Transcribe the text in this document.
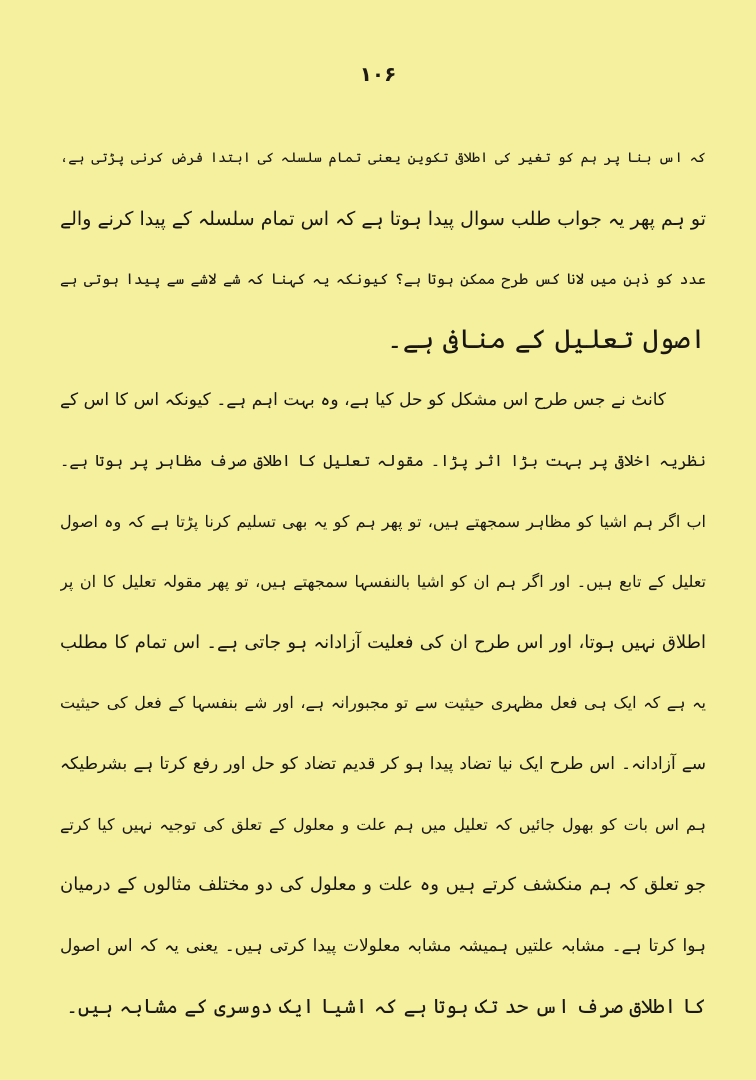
۱۰۶
کہ اس بنا پر ہم کو تغیر کی اطلاقی تکوین یعنی تمام سلسلہ کی ابتدا فرض کرنی پڑتی ہے،
تو ہم پھر یہ جواب طلب سوال پیدا ہوتا ہے کہ اس تمام سلسلہ کے پیدا کرنے والے
عدد کو ذہن میں لانا کس طرح ممکن ہوتا ہے؟ کیونکہ یہ کہنا کہ شے لاشے سے پیدا ہوتی ہے
اصول تعلیل کے منافی ہے۔
کانٹ نے جس طرح اس مشکل کو حل کیا ہے، وہ بہت اہم ہے۔ کیونکہ اس کا اس کے
نظریہ اخلاقی پر بہت بڑا اثر پڑا۔ مقولہ تعلیل کا اطلاق صرف مظاہر پر ہوتا ہے۔
اب اگر ہم اشیا کو مظاہر سمجھتے ہیں، تو پھر ہم کو یہ بھی تسلیم کرنا پڑتا ہے کہ وہ اصول
تعلیل کے تابع ہیں۔ اور اگر ہم ان کو اشیا بالنفسہا سمجھتے ہیں، تو پھر مقولہ تعلیل کا ان پر
اطلاق نہیں ہوتا، اور اس طرح ان کی فعلیت آزادانہ ہو جاتی ہے۔ اس تمام کا مطلب
یہ ہے کہ ایک ہی فعل مظہری حیثیت سے تو مجبورانہ ہے، اور شے بنفسہا کے فعل کی حیثیت
سے آزادانہ۔ اس طرح ایک نیا تضاد پیدا ہو کر قدیم تضاد کو حل اور رفع کرتا ہے بشرطیکہ
ہم اس بات کو بھول جائیں کہ تعلیل میں ہم علت و معلول کے تعلق کی توجیہ نہیں کیا کرتے
جو تعلق کہ ہم منکشف کرتے ہیں وہ علت و معلول کی دو مختلف مثالوں کے درمیان
ہوا کرتا ہے۔ مشابہ علتیں ہمیشہ مشابہ معلولات پیدا کرتی ہیں۔ یعنی یہ کہ اس اصول
کا اطلاق صرف اس حد تک ہوتا ہے کہ اشیا ایک دوسری کے مشابہ ہیں۔
